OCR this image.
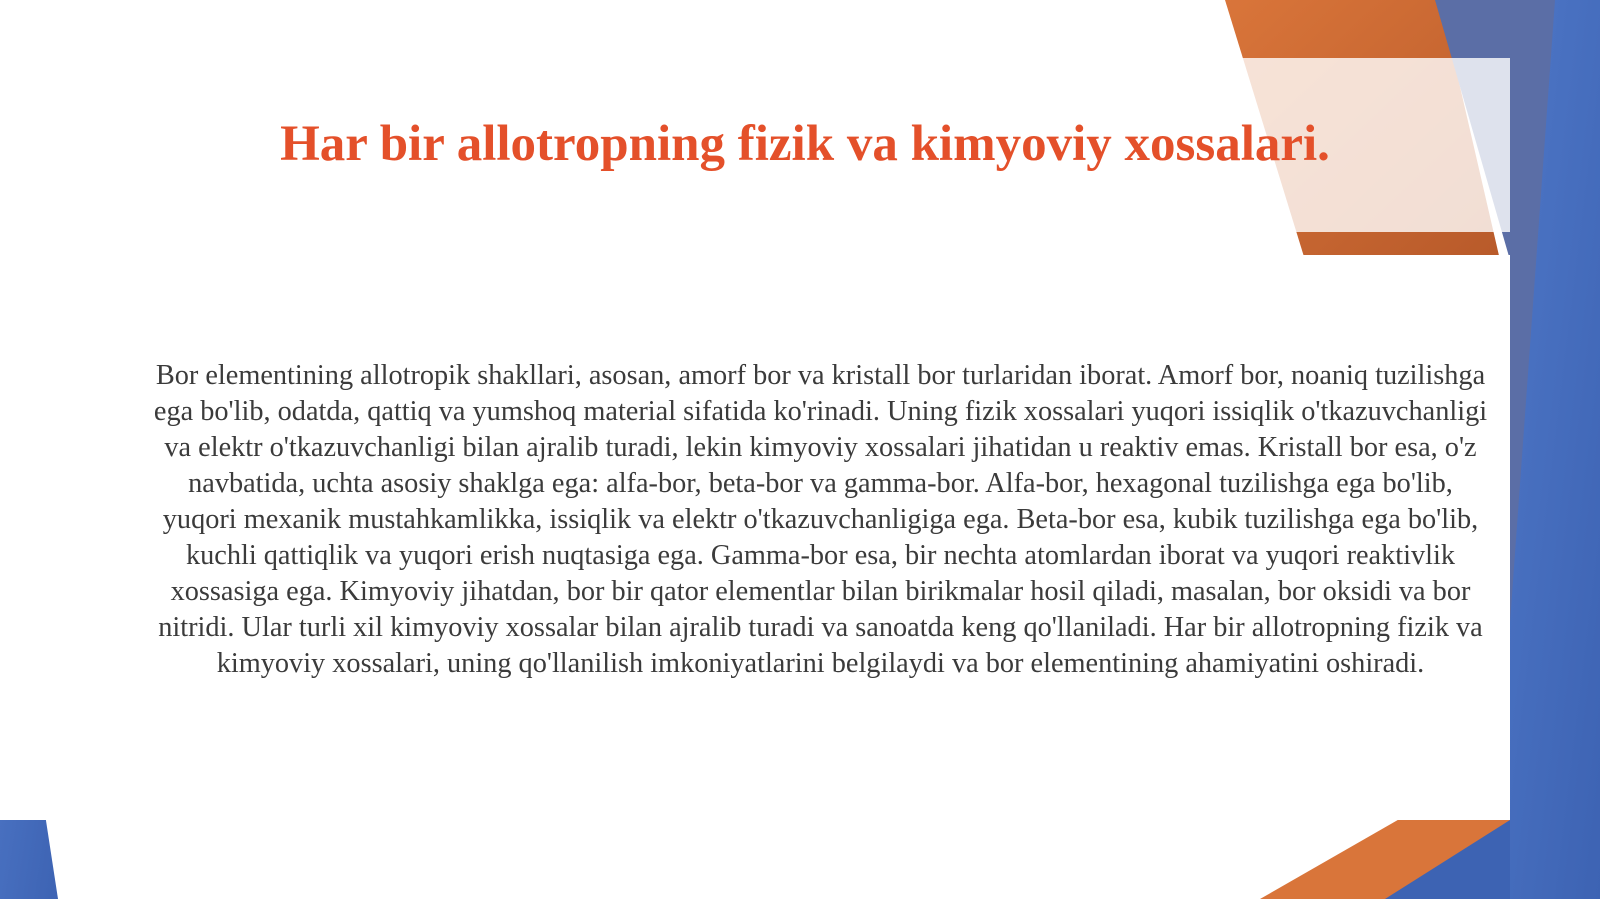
Har bir allotropning fizik va kimyoviy xossalari.

Bor elementining allotropik shakllari, asosan, amorf bor va kristall bor turlaridan iborat. Amorf bor, noaniq tuzilishga ega bo'lib, odatda, qattiq va yumshoq material sifatida ko'rinadi. Uning fizik xossalari yuqori issiqlik o'tkazuvchanligi va elektr o'tkazuvchanligi bilan ajralib turadi, lekin kimyoviy xossalari jihatidan u reaktiv emas. Kristall bor esa, o'z navbatida, uchta asosiy shaklga ega: alfa-bor, beta-bor va gamma-bor. Alfa-bor, hexagonal tuzilishga ega bo'lib, yuqori mexanik mustahkamlikka, issiqlik va elektr o'tkazuvchanligiga ega. Beta-bor esa, kubik tuzilishga ega bo'lib, kuchli qattiqlik va yuqori erish nuqtasiga ega. Gamma-bor esa, bir nechta atomlardan iborat va yuqori reaktivlik xossasiga ega. Kimyoviy jihatdan, bor bir qator elementlar bilan birikmalar hosil qiladi, masalan, bor oksidi va bor nitridi. Ular turli xil kimyoviy xossalar bilan ajralib turadi va sanoatda keng qo'llaniladi. Har bir allotropning fizik va kimyoviy xossalari, uning qo'llanilish imkoniyatlarini belgilaydi va bor elementining ahamiyatini oshiradi.
